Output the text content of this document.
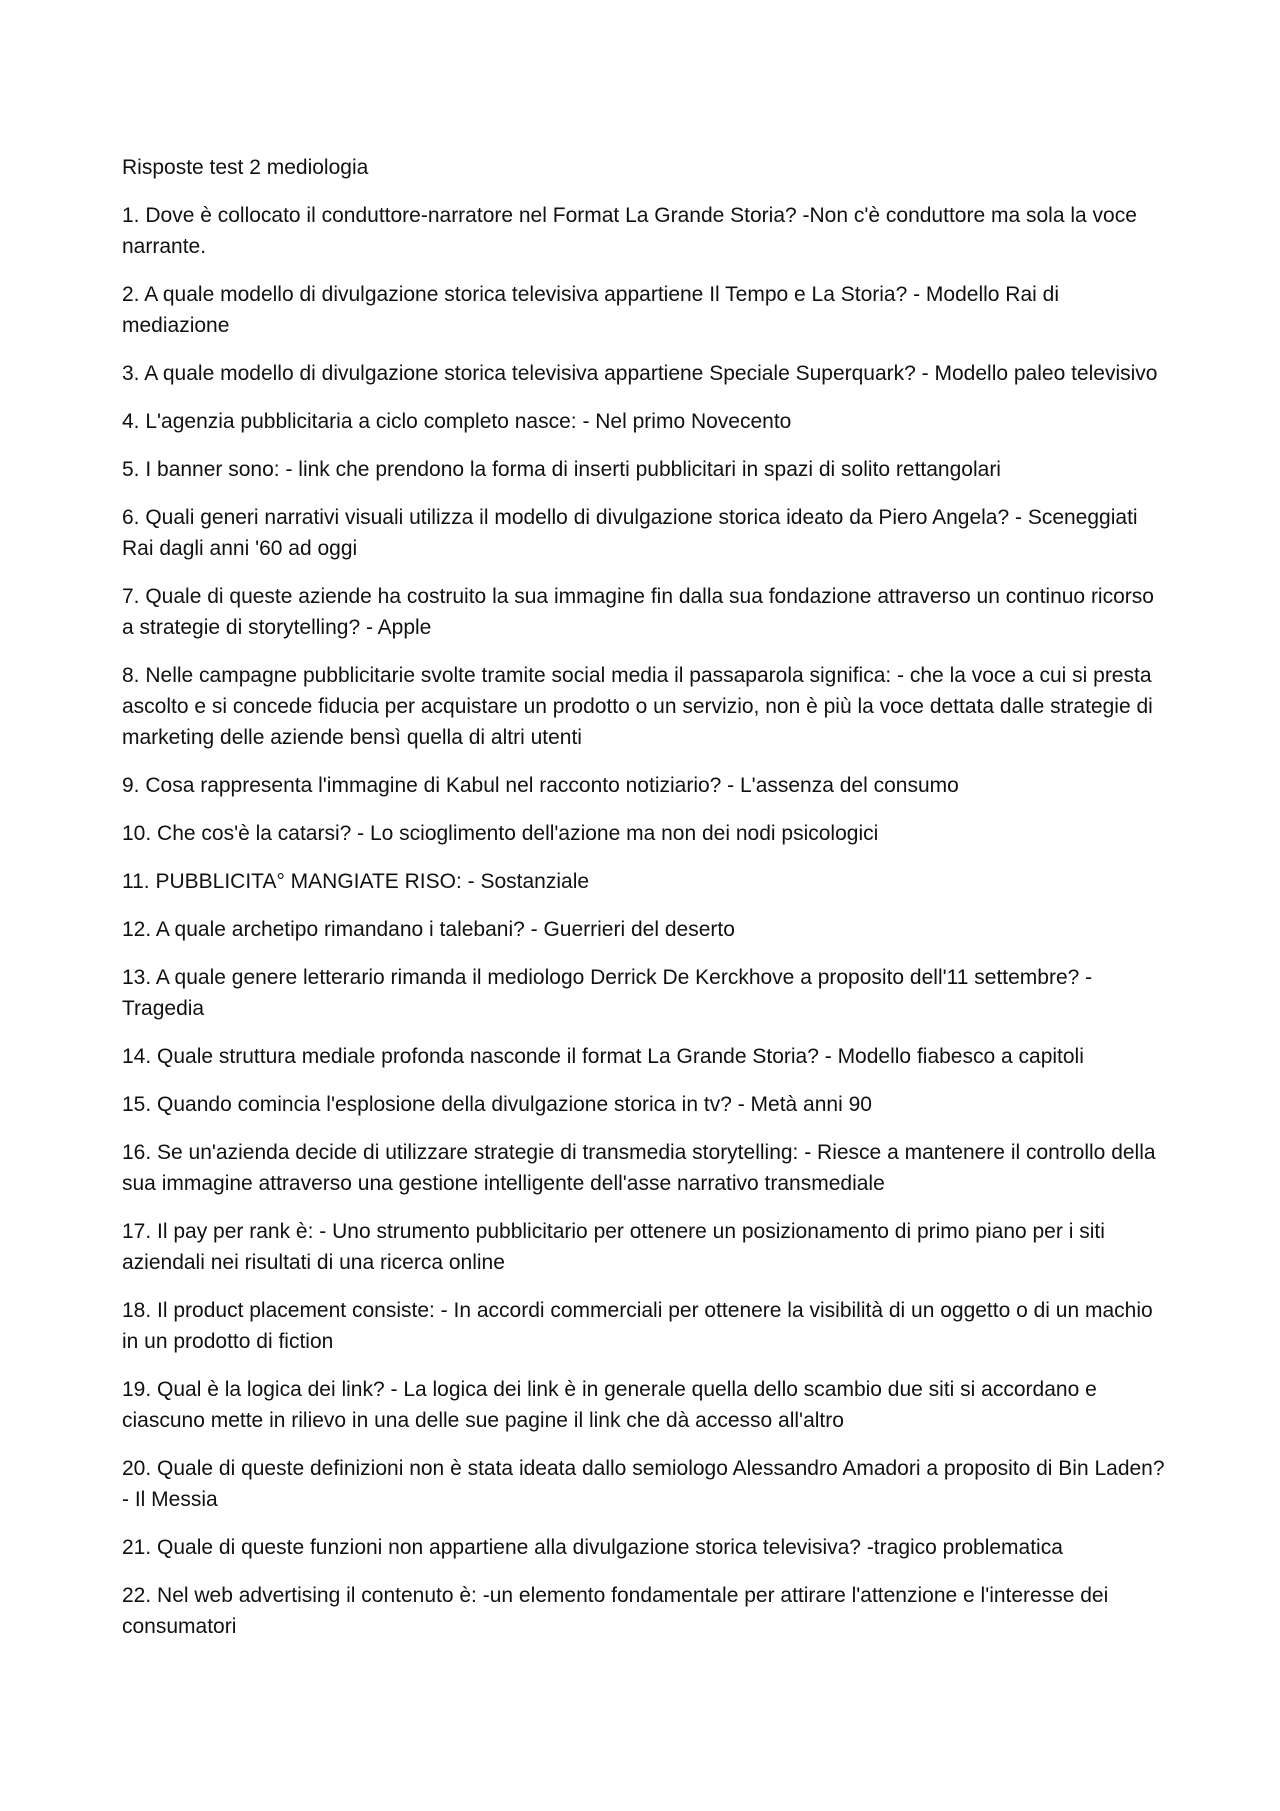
Risposte test 2 mediologia

1. Dove è collocato il conduttore-narratore nel Format La Grande Storia? -Non c'è conduttore ma sola la voce narrante.

2. A quale modello di divulgazione storica televisiva appartiene Il Tempo e La Storia? - Modello Rai di mediazione

3. A quale modello di divulgazione storica televisiva appartiene Speciale Superquark? - Modello paleo televisivo

4. L'agenzia pubblicitaria a ciclo completo nasce: - Nel primo Novecento

5. I banner sono: - link che prendono la forma di inserti pubblicitari in spazi di solito rettangolari

6. Quali generi narrativi visuali utilizza il modello di divulgazione storica ideato da Piero Angela? - Sceneggiati Rai dagli anni '60 ad oggi

7. Quale di queste aziende ha costruito la sua immagine fin dalla sua fondazione attraverso un continuo ricorso a strategie di storytelling? - Apple

8. Nelle campagne pubblicitarie svolte tramite social media il passaparola significa: - che la voce a cui si presta ascolto e si concede fiducia per acquistare un prodotto o un servizio, non è più la voce dettata dalle strategie di marketing delle aziende bensì quella di altri utenti

9. Cosa rappresenta l'immagine di Kabul nel racconto notiziario? - L'assenza del consumo

10. Che cos'è la catarsi? - Lo scioglimento dell'azione ma non dei nodi psicologici

11. PUBBLICITA° MANGIATE RISO: - Sostanziale

12. A quale archetipo rimandano i talebani? - Guerrieri del deserto

13. A quale genere letterario rimanda il mediologo Derrick De Kerckhove a proposito dell'11 settembre? - Tragedia

14. Quale struttura mediale profonda nasconde il format La Grande Storia? - Modello fiabesco a capitoli

15. Quando comincia l'esplosione della divulgazione storica in tv? - Metà anni 90

16. Se un'azienda decide di utilizzare strategie di transmedia storytelling: - Riesce a mantenere il controllo della sua immagine attraverso una gestione intelligente dell'asse narrativo transmediale

17. Il pay per rank è: - Uno strumento pubblicitario per ottenere un posizionamento di primo piano per i siti aziendali nei risultati di una ricerca online

18. Il product placement consiste: - In accordi commerciali per ottenere la visibilità di un oggetto o di un machio in un prodotto di fiction

19. Qual è la logica dei link? - La logica dei link è in generale quella dello scambio due siti si accordano e ciascuno mette in rilievo in una delle sue pagine il link che dà accesso all'altro

20. Quale di queste definizioni non è stata ideata dallo semiologo Alessandro Amadori a proposito di Bin Laden? - Il Messia

21. Quale di queste funzioni non appartiene alla divulgazione storica televisiva? -tragico problematica

22. Nel web advertising il contenuto è: -un elemento fondamentale per attirare l'attenzione e l'interesse dei consumatori
